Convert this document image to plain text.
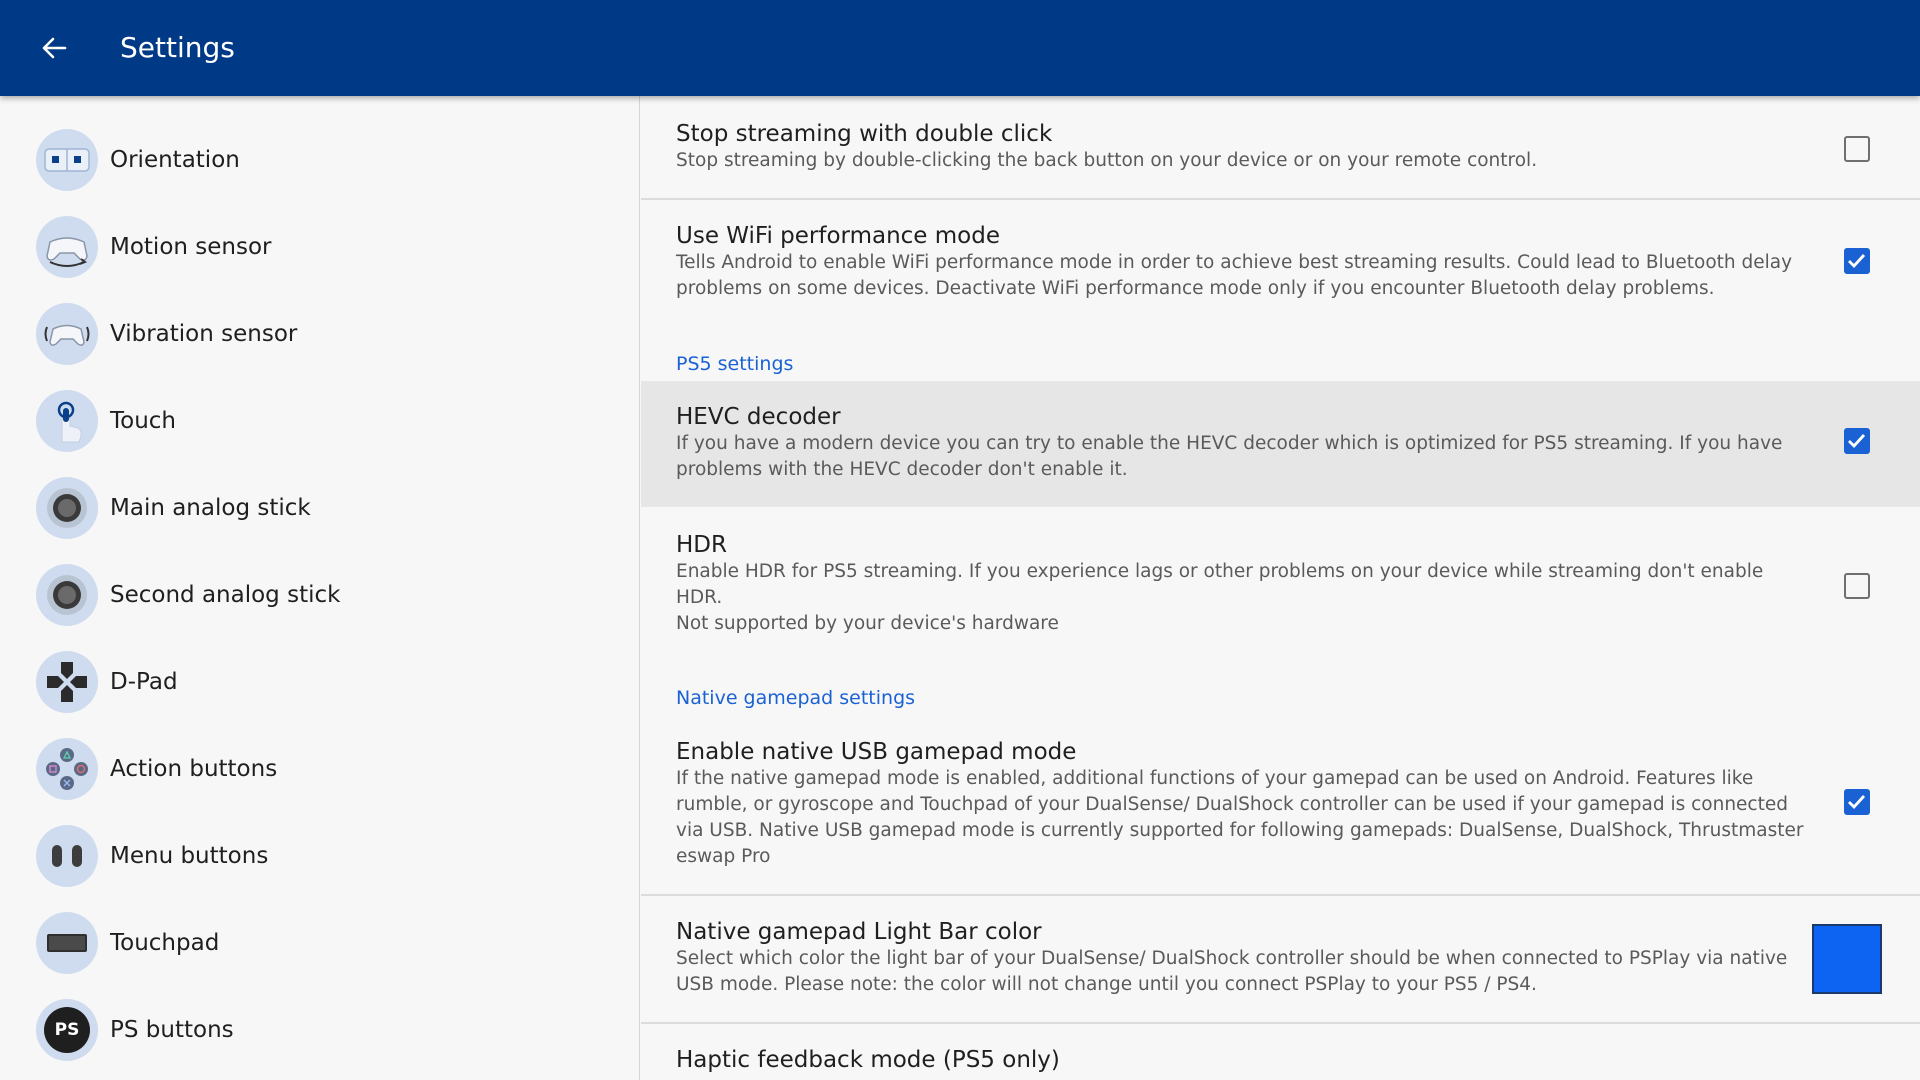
Settings
Orientation
Motion sensor
Vibration sensor
Touch
Main analog stick
Second analog stick
D-Pad
Action buttons
Menu buttons
Touchpad
PS	PS buttons
Stop streaming with double click
Stop streaming by double-clicking the back button on your device or on your remote control.
Use WiFi performance mode
Tells Android to enable WiFi performance mode in order to achieve best streaming results. Could lead to Bluetooth delay problems on some devices. Deactivate WiFi performance mode only if you encounter Bluetooth delay problems.
PS5 settings
HEVC decoder
If you have a modern device you can try to enable the HEVC decoder which is optimized for PS5 streaming. If you have problems with the HEVC decoder don't enable it.
HDR
Enable HDR for PS5 streaming. If you experience lags or other problems on your device while streaming don't enable HDR.
Not supported by your device's hardware
Native gamepad settings
Enable native USB gamepad mode
If the native gamepad mode is enabled, additional functions of your gamepad can be used on Android. Features like rumble, or gyroscope and Touchpad of your DualSense/ DualShock controller can be used if your gamepad is connected via USB. Native USB gamepad mode is currently supported for following gamepads: DualSense, DualShock, Thrustmaster eswap Pro
Native gamepad Light Bar color
Select which color the light bar of your DualSense/ DualShock controller should be when connected to PSPlay via native USB mode. Please note: the color will not change until you connect PSPlay to your PS5 / PS4.
Haptic feedback mode (PS5 only)
